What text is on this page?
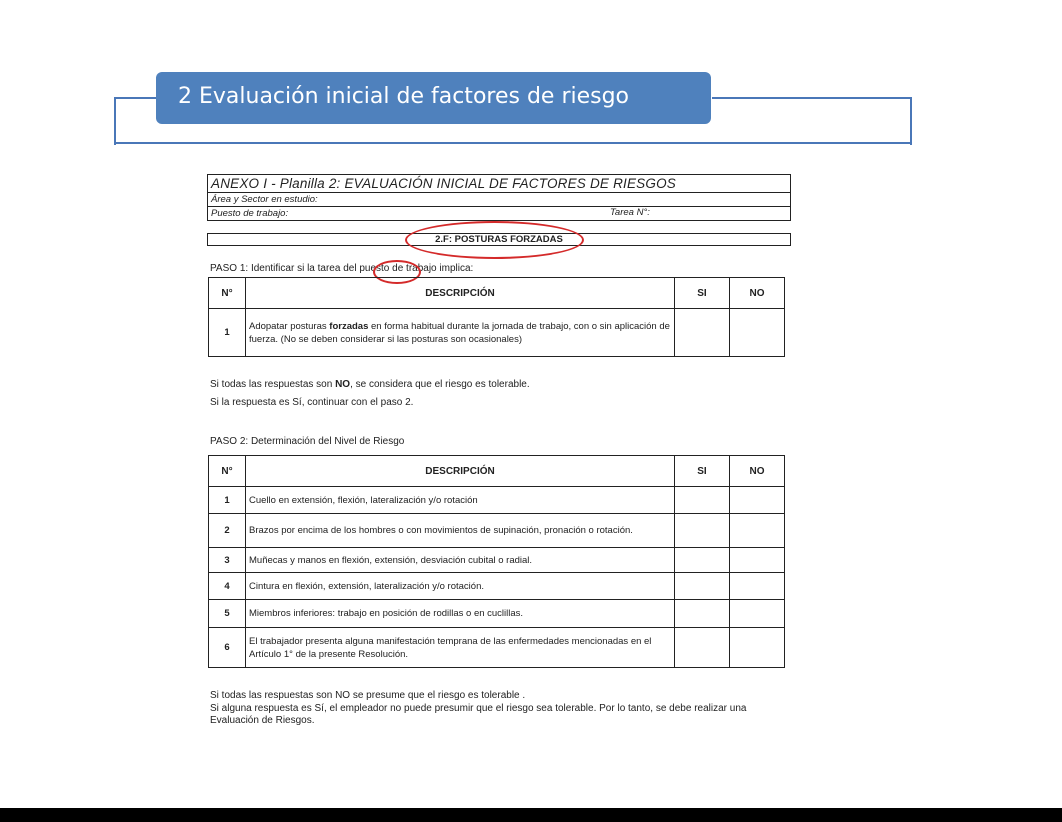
2 Evaluación inicial de factores de riesgo
ANEXO I - Planilla 2: EVALUACIÓN INICIAL DE FACTORES DE RIESGOS
Área y Sector en estudio:
Puesto de trabajo:	Tarea N°:
2.F: POSTURAS FORZADAS
PASO 1: Identificar si la tarea del puesto de trabajo implica:
N°	DESCRIPCIÓN	SI	NO
1	Adopatar posturas forzadas en forma habitual durante la jornada de trabajo, con o sin aplicación de fuerza. (No se deben considerar si las posturas son ocasionales)		
Si todas las respuestas son NO, se considera que el riesgo es tolerable.
Si la respuesta es Sí, continuar con el paso 2.
PASO 2: Determinación del Nivel de Riesgo
N°	DESCRIPCIÓN	SI	NO
1	Cuello en extensión, flexión, lateralización y/o rotación		
2	Brazos por encima de los hombres o con movimientos de supinación, pronación o rotación.		
3	Muñecas y manos en flexión, extensión, desviación cubital o radial.		
4	Cintura en flexión, extensión, lateralización y/o rotación.		
5	Miembros inferiores: trabajo en posición de rodillas o en cuclillas.		
6	El trabajador presenta alguna manifestación temprana de las enfermedades mencionadas en el Artículo 1° de la presente Resolución.		
Si todas las respuestas son NO se presume que el riesgo es tolerable .
Si alguna respuesta es Sí, el empleador no puede presumir que el riesgo sea tolerable. Por lo tanto, se debe realizar una Evaluación de Riesgos.
